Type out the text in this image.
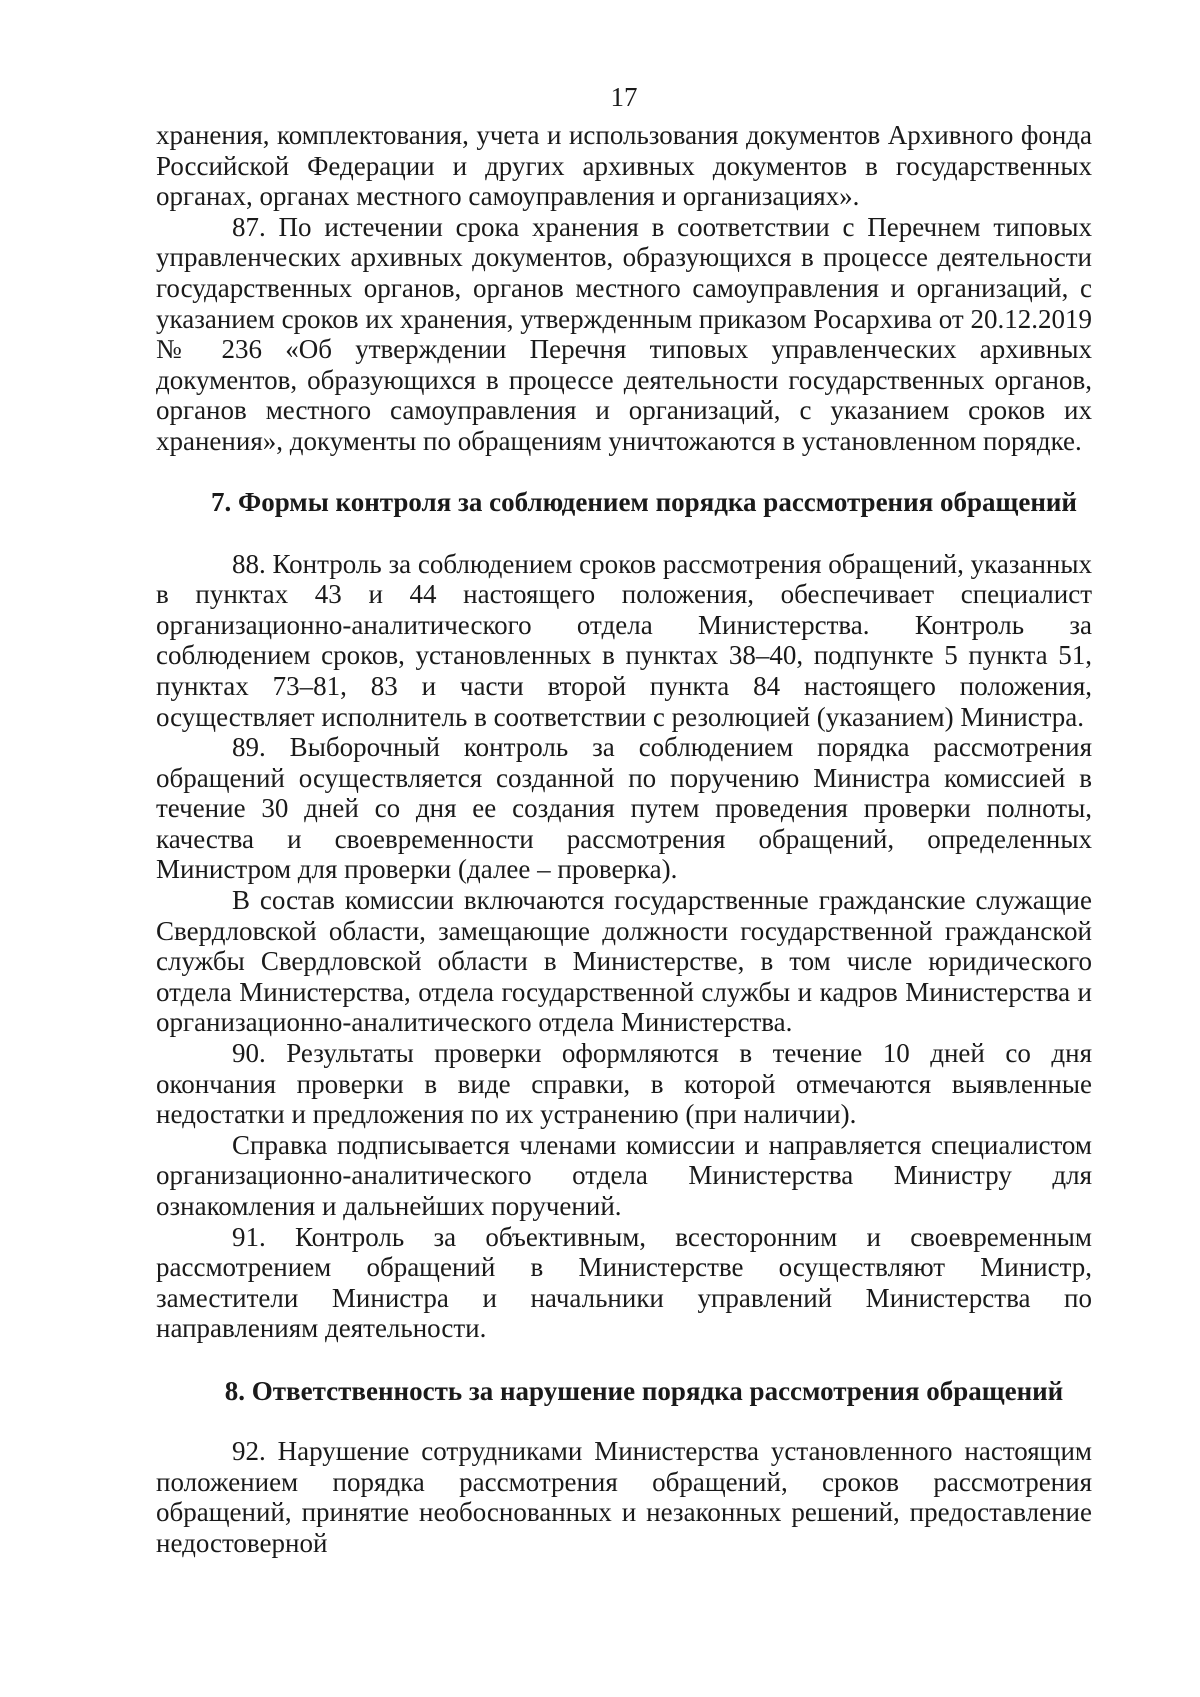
17

хранения, комплектования, учета и использования документов Архивного фонда Российской Федерации и других архивных документов в государственных органах, органах местного самоуправления и организациях».

87. По истечении срока хранения в соответствии с Перечнем типовых управленческих архивных документов, образующихся в процессе деятельности государственных органов, органов местного самоуправления и организаций, с указанием сроков их хранения, утвержденным приказом Росархива от 20.12.2019 № 236 «Об утверждении Перечня типовых управленческих архивных документов, образующихся в процессе деятельности государственных органов, органов местного самоуправления и организаций, с указанием сроков их хранения», документы по обращениям уничтожаются в установленном порядке.

7. Формы контроля за соблюдением порядка рассмотрения обращений

88. Контроль за соблюдением сроков рассмотрения обращений, указанных в пунктах 43 и 44 настоящего положения, обеспечивает специалист организационно-аналитического отдела Министерства. Контроль за соблюдением сроков, установленных в пунктах 38–40, подпункте 5 пункта 51, пунктах 73–81, 83 и части второй пункта 84 настоящего положения, осуществляет исполнитель в соответствии с резолюцией (указанием) Министра.

89. Выборочный контроль за соблюдением порядка рассмотрения обращений осуществляется созданной по поручению Министра комиссией в течение 30 дней со дня ее создания путем проведения проверки полноты, качества и своевременности рассмотрения обращений, определенных Министром для проверки (далее – проверка).

В состав комиссии включаются государственные гражданские служащие Свердловской области, замещающие должности государственной гражданской службы Свердловской области в Министерстве, в том числе юридического отдела Министерства, отдела государственной службы и кадров Министерства и организационно-аналитического отдела Министерства.

90. Результаты проверки оформляются в течение 10 дней со дня окончания проверки в виде справки, в которой отмечаются выявленные недостатки и предложения по их устранению (при наличии).

Справка подписывается членами комиссии и направляется специалистом организационно-аналитического отдела Министерства Министру для ознакомления и дальнейших поручений.

91. Контроль за объективным, всесторонним и своевременным рассмотрением обращений в Министерстве осуществляют Министр, заместители Министра и начальники управлений Министерства по направлениям деятельности.

8. Ответственность за нарушение порядка рассмотрения обращений

92. Нарушение сотрудниками Министерства установленного настоящим положением порядка рассмотрения обращений, сроков рассмотрения обращений, принятие необоснованных и незаконных решений, предоставление недостоверной
